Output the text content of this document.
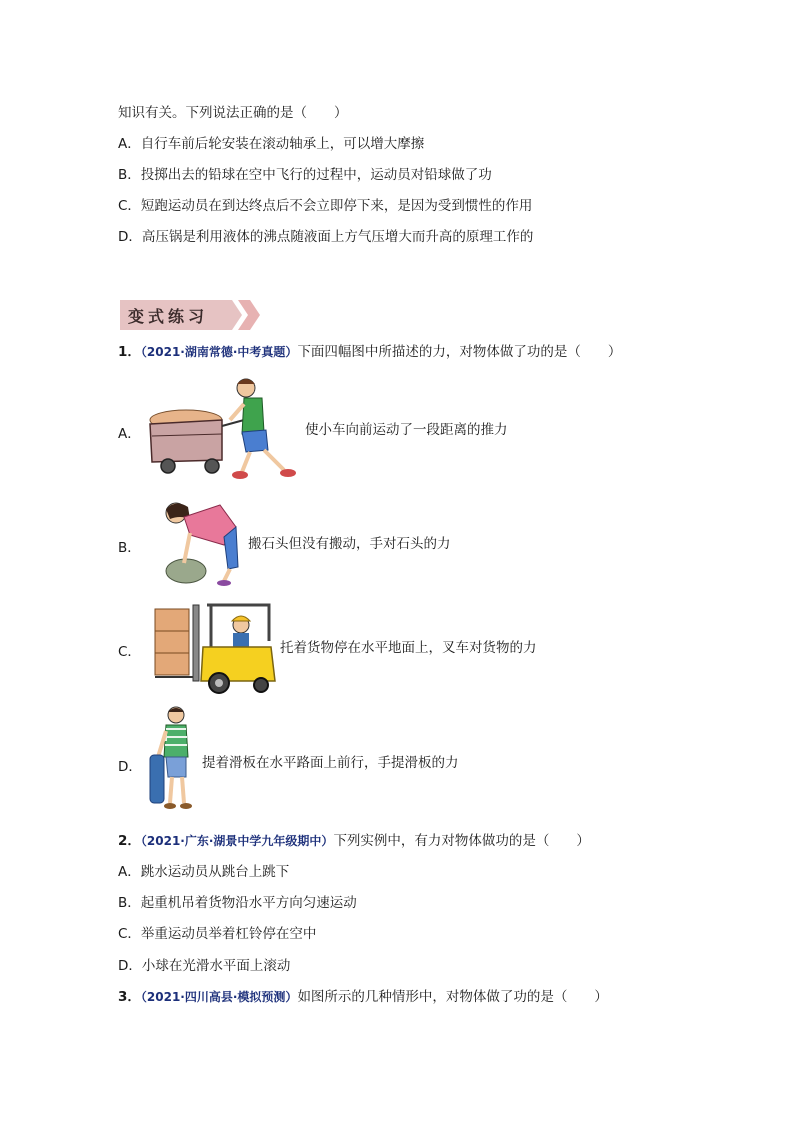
知识有关。下列说法正确的是（　　）
A．自行车前后轮安装在滚动轴承上，可以增大摩擦
B．投掷出去的铅球在空中飞行的过程中，运动员对铅球做了功
C．短跑运动员在到达终点后不会立即停下来，是因为受到惯性的作用
D．高压锅是利用液体的沸点随液面上方气压增大而升高的原理工作的
变式练习
1．（2021·湖南常德·中考真题）下面四幅图中所描述的力，对物体做了功的是（　　）
A．	使小车向前运动了一段距离的推力
B．	搬石头但没有搬动，手对石头的力
C．	托着货物停在水平地面上，叉车对货物的力
D．	提着滑板在水平路面上前行，手提滑板的力
2．（2021·广东·湖景中学九年级期中）下列实例中，有力对物体做功的是（　　）
A．跳水运动员从跳台上跳下
B．起重机吊着货物沿水平方向匀速运动
C．举重运动员举着杠铃停在空中
D．小球在光滑水平面上滚动
3．（2021·四川高县·模拟预测）如图所示的几种情形中，对物体做了功的是（　　）
